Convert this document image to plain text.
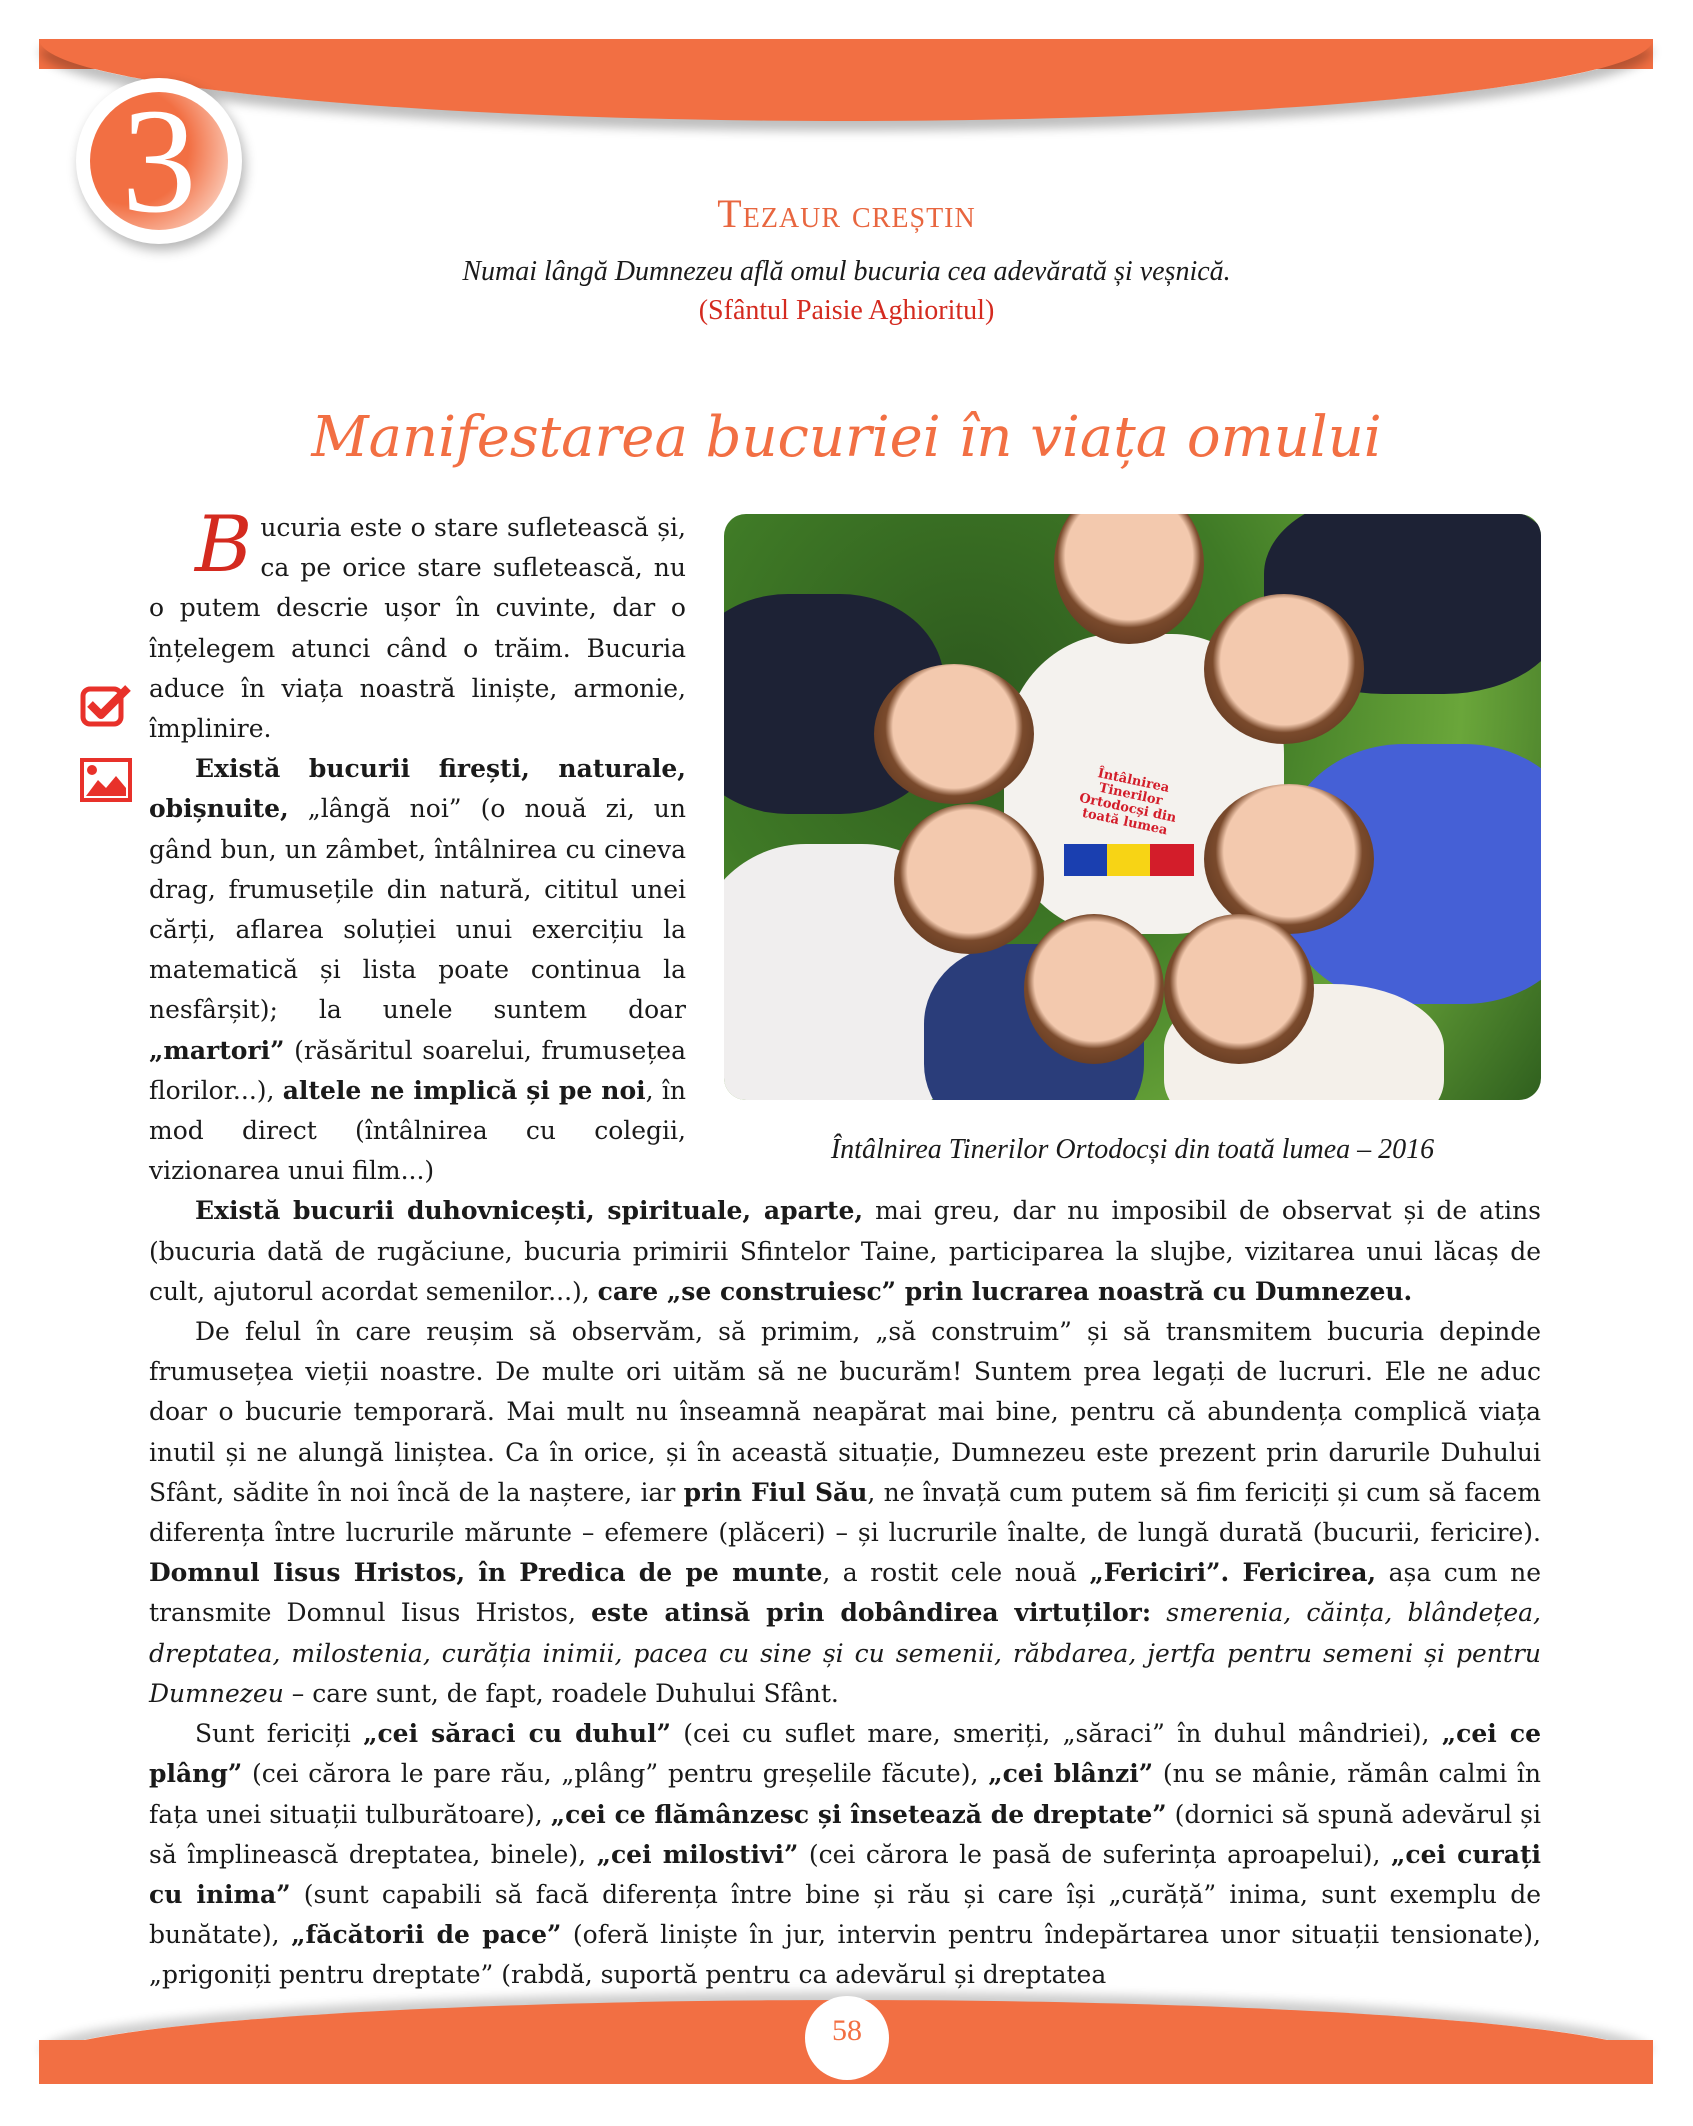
3	Tezaur creștin
Numai lângă Dumnezeu află omul bucuria cea adevărată și veșnică.
(Sfântul Paisie Aghioritul)
Manifestarea bucuriei în viața omului
Întâlnirea Tinerilor Ortodocși din toată lumea
Întâlnirea Tinerilor Ortodocși din toată lumea – 2016

Bucuria este o stare sufletească și, ca pe orice stare sufletească, nu o putem descrie ușor în cuvinte, dar o înțelegem atunci când o trăim. Bucuria aduce în viața noastră liniște, armonie, împlinire.

Există bucurii firești, naturale, obișnuite, „lângă noi” (o nouă zi, un gând bun, un zâmbet, întâlnirea cu cineva drag, frumusețile din natură, cititul unei cărți, aflarea soluției unui exercițiu la matematică și lista poate continua la nesfârșit); la unele suntem doar „martori” (răsăritul soarelui, frumusețea florilor...), altele ne implică și pe noi, în mod direct (întâlnirea cu colegii, vizionarea unui film...)

Există bucurii duhovnicești, spirituale, aparte, mai greu, dar nu imposibil de observat și de atins (bucuria dată de rugăciune, bucuria primirii Sfintelor Taine, participarea la slujbe, vizitarea unui lăcaș de cult, ajutorul acordat semenilor...), care „se construiesc” prin lucrarea noastră cu Dumnezeu.

De felul în care reușim să observăm, să primim, „să construim” și să transmitem bucuria depinde frumusețea vieții noastre. De multe ori uităm să ne bucurăm! Suntem prea legați de lucruri. Ele ne aduc doar o bucurie temporară. Mai mult nu înseamnă neapărat mai bine, pentru că abundența complică viața inutil și ne alungă liniștea. Ca în orice, și în această situație, Dumnezeu este prezent prin darurile Duhului Sfânt, sădite în noi încă de la naștere, iar prin Fiul Său, ne învață cum putem să fim fericiți și cum să facem diferența între lucrurile mărunte – efemere (plăceri) – și lucrurile înalte, de lungă durată (bucurii, fericire). Domnul Iisus Hristos, în Predica de pe munte, a rostit cele nouă „Fericiri”. Fericirea, așa cum ne transmite Domnul Iisus Hristos, este atinsă prin dobândirea virtuților: smerenia, căința, blândețea, dreptatea, milostenia, curăția inimii, pacea cu sine și cu semenii, răbdarea, jertfa pentru semeni și pentru Dumnezeu – care sunt, de fapt, roadele Duhului Sfânt.

Sunt fericiți „cei săraci cu duhul” (cei cu suflet mare, smeriți, „săraci” în duhul mândriei), „cei ce plâng” (cei cărora le pare rău, „plâng” pentru greșelile făcute), „cei blânzi” (nu se mânie, rămân calmi în fața unei situații tulburătoare), „cei ce flămânzesc și însetează de dreptate” (dornici să spună adevărul și să împlinească dreptatea, binele), „cei milostivi” (cei cărora le pasă de suferința aproapelui), „cei curați cu inima” (sunt capabili să facă diferența între bine și rău și care își „curăță” inima, sunt exemplu de bunătate), „făcătorii de pace” (oferă liniște în jur, intervin pentru îndepărtarea unor situații tensionate), „prigoniți pentru dreptate” (rabdă, suportă pentru ca adevărul și dreptatea

58
